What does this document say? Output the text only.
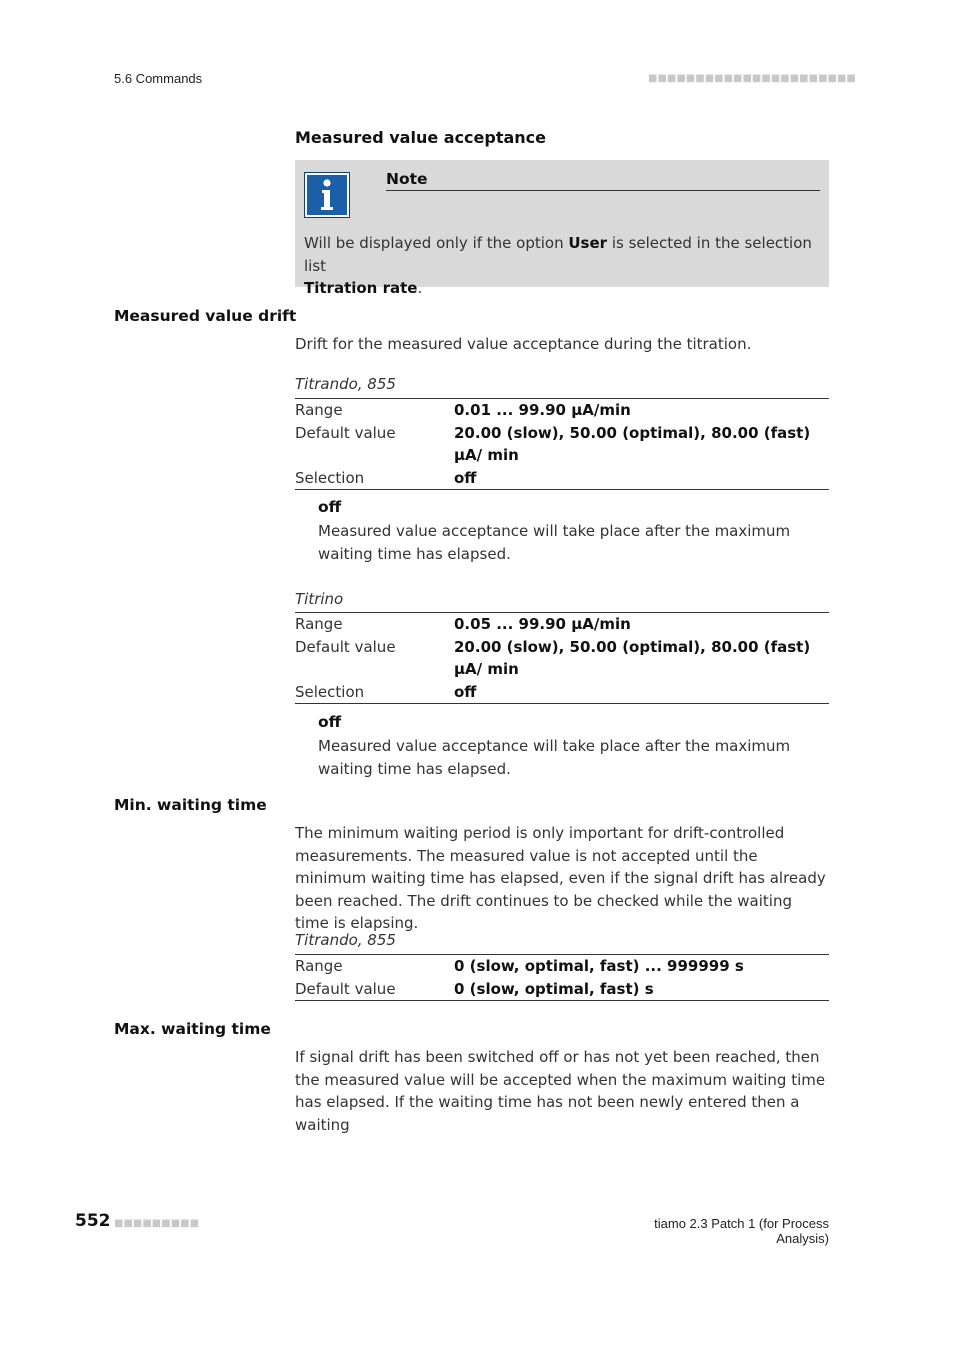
5.6 Commands	■■■■■■■■■■■■■■■■■■■■■■
Measured value acceptance
Note
Will be displayed only if the option User is selected in the selection list
Titration rate.
Measured value drift
Drift for the measured value acceptance during the titration.
Titrando, 855
Range	0.01 ... 99.90 µA/min
Default value	20.00 (slow), 50.00 (optimal), 80.00 (fast) µA/ min
Selection	off
off
Measured value acceptance will take place after the maximum waiting time has elapsed.
Titrino
Range	0.05 ... 99.90 µA/min
Default value	20.00 (slow), 50.00 (optimal), 80.00 (fast) µA/ min
Selection	off
off
Measured value acceptance will take place after the maximum waiting time has elapsed.
Min. waiting time
The minimum waiting period is only important for drift-controlled measurements. The measured value is not accepted until the minimum waiting time has elapsed, even if the signal drift has already been reached. The drift continues to be checked while the waiting time is elapsing.
Titrando, 855
Range	0 (slow, optimal, fast) ... 999999 s
Default value	0 (slow, optimal, fast) s
Max. waiting time
If signal drift has been switched off or has not yet been reached, then the measured value will be accepted when the maximum waiting time has elapsed. If the waiting time has not been newly entered then a waiting
552 ■■■■■■■■■	tiamo 2.3 Patch 1 (for Process Analysis)
